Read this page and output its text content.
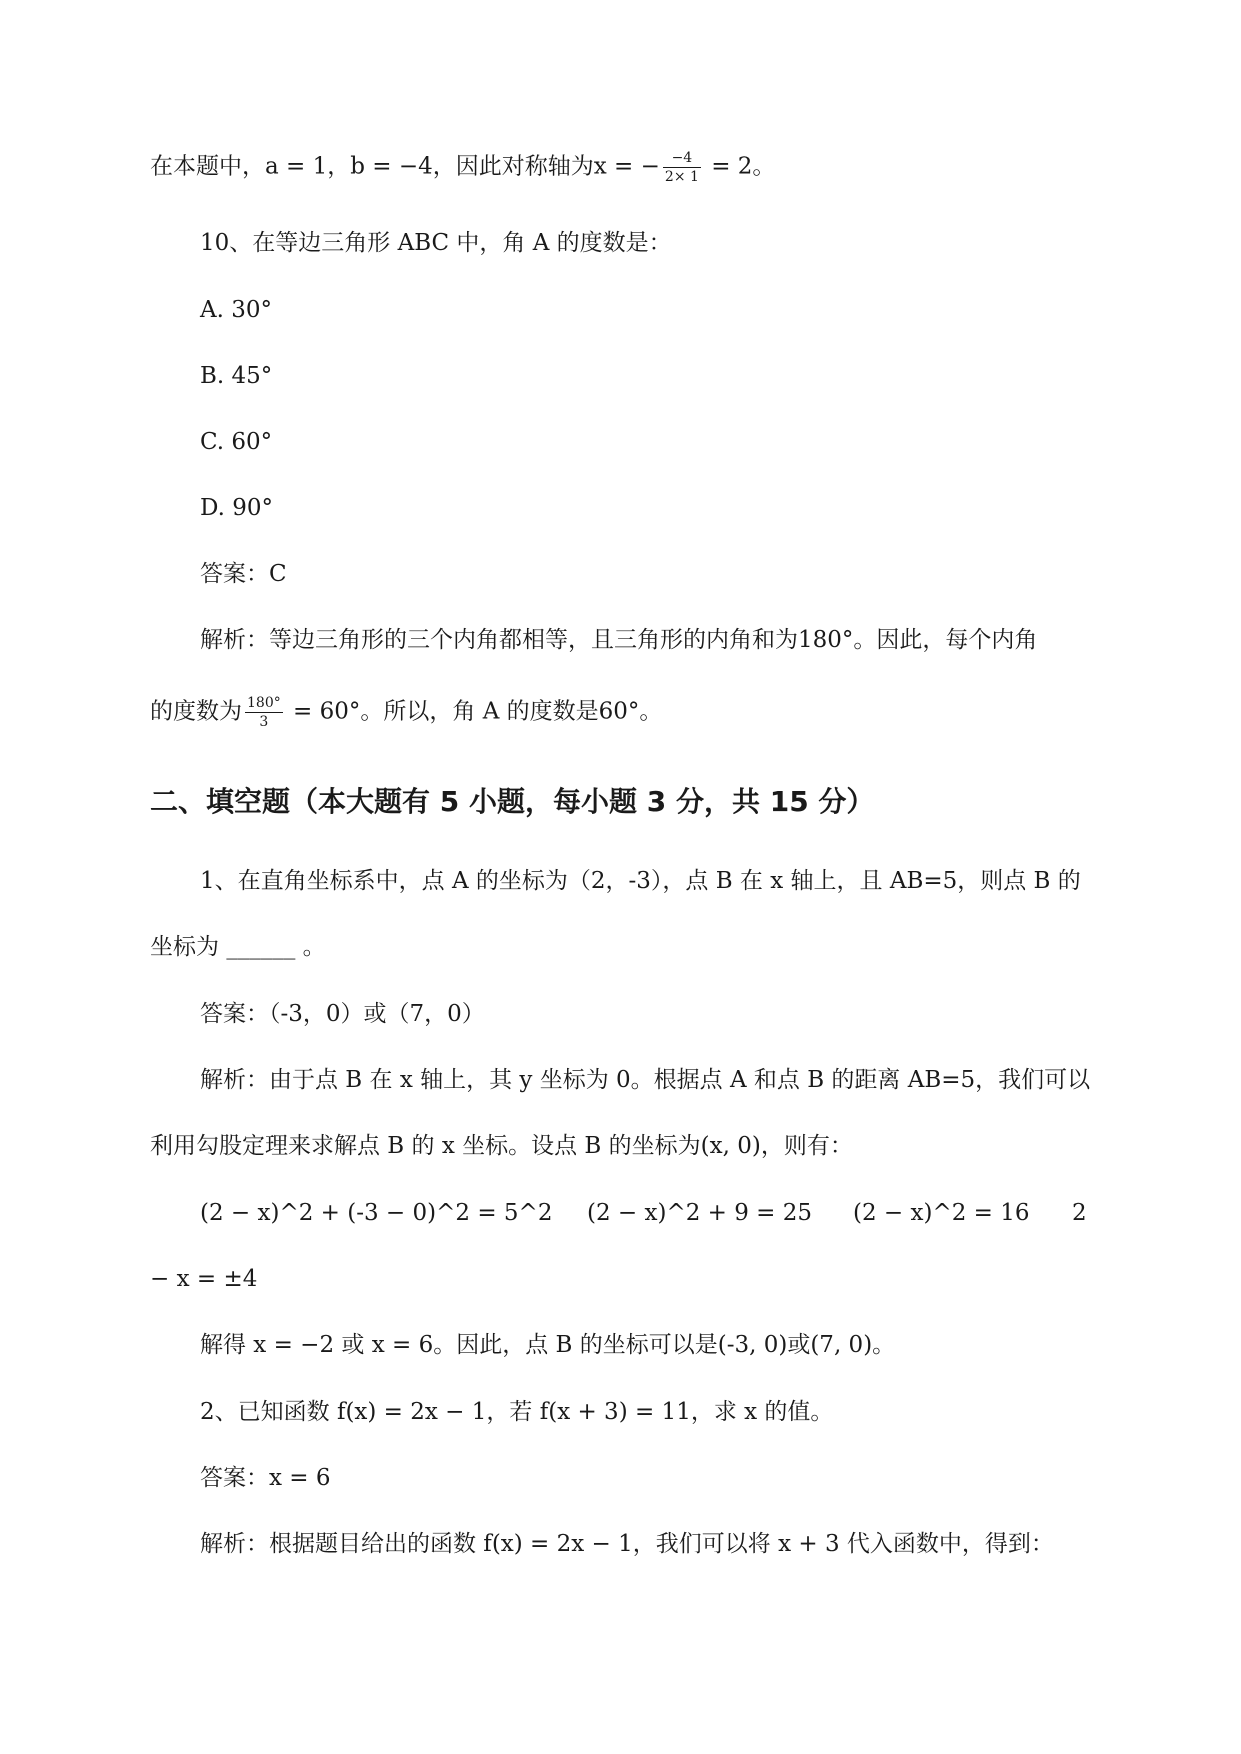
在本题中，a = 1，b = −4，因此对称轴为x = − $\frac{-4}{2\times 1} = 2$。
10、在等边三角形 ABC 中，角 A 的度数是：
A. 30°
B. 45°
C. 60°
D. 90°
答案：C
解析：等边三角形的三个内角都相等，且三角形的内角和为180°。因此，每个内角
的度数为 $\frac{180^\circ}{3} = 60^\circ$。所以，角 A 的度数是60°。
二、填空题（本大题有 5 小题，每小题 3 分，共 15 分）
1、在直角坐标系中，点 A 的坐标为（2，-3），点 B 在 x 轴上，且 AB=5，则点 B 的
坐标为 ______ 。
答案：（-3，0）或（7，0）
解析：由于点 B 在 x 轴上，其 y 坐标为 0。根据点 A 和点 B 的距离 AB=5，我们可以
利用勾股定理来求解点 B 的 x 坐标。设点 B 的坐标为(x, 0)，则有：
(2 − x)^2 + (-3 − 0)^2 = 5^2 (2 − x)^2 + 9 = 25 (2 − x)^2 = 16 2
− x = ±4
解得 x = −2 或 x = 6。因此，点 B 的坐标可以是(-3, 0)或(7, 0)。
2、已知函数 f(x) = 2x − 1，若 f(x + 3) = 11，求 x 的值。
答案：x = 6
解析：根据题目给出的函数 f(x) = 2x − 1，我们可以将 x + 3 代入函数中，得到：
